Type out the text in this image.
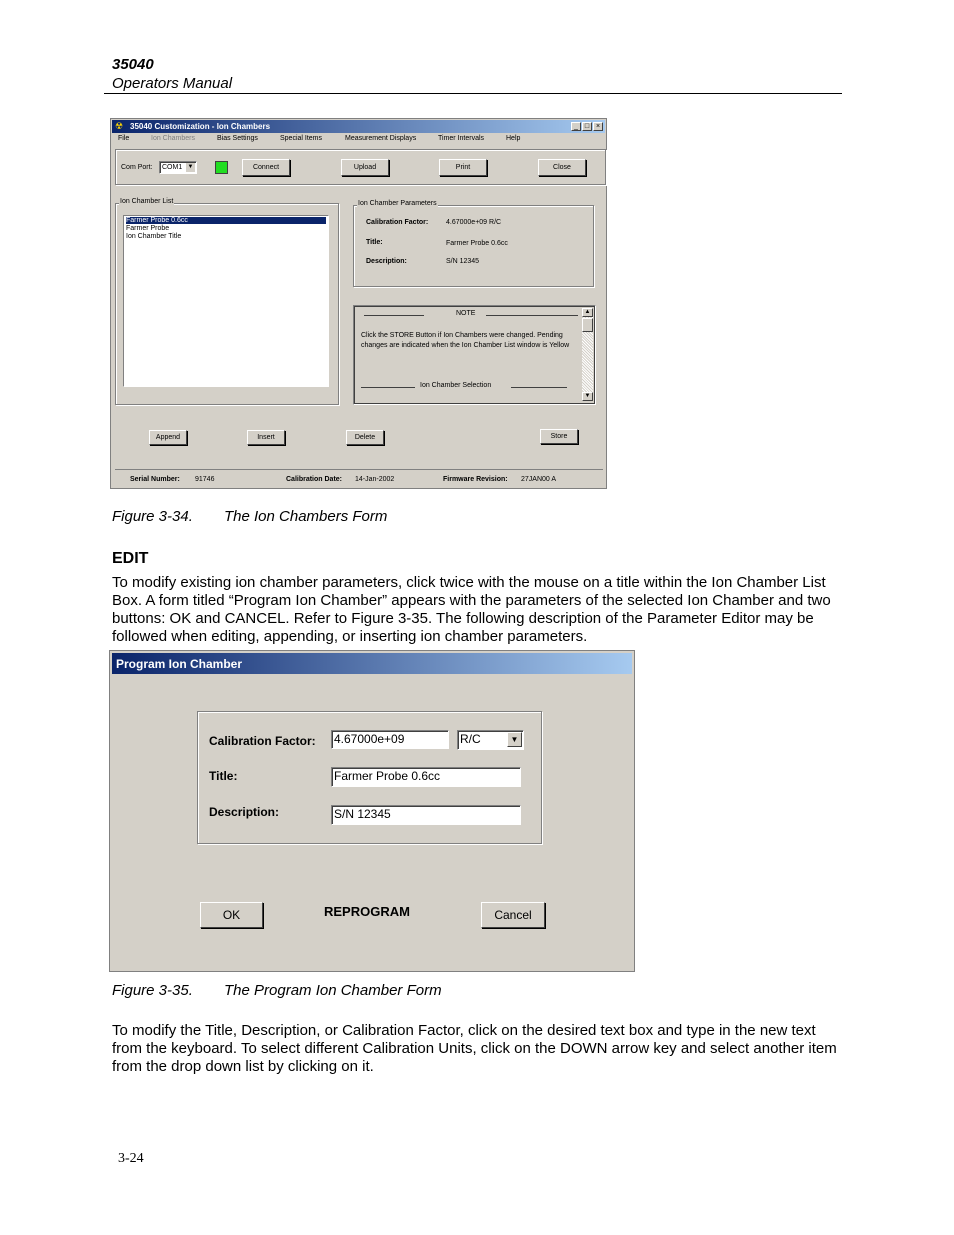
35040
Operators Manual
☢ 35040 Customization - Ion Chambers	_ □ ×
File	Ion Chambers	Bias Settings	Special Items	Measurement Displays	Timer Intervals	Help
Com Port:	COM1 ▼	Connect	Upload	Print	Close
Ion Chamber List
Farmer Probe 0.6cc
Farmer Probe
Ion Chamber Title
Ion Chamber Parameters
Calibration Factor:	4.67000e+09 R/C
Title:	Farmer Probe 0.6cc
Description:	S/N 12345
NOTE
Click the STORE Button if Ion Chambers were changed. Pending changes are indicated when the Ion Chamber List window is Yellow
Ion Chamber Selection
▲
▼
Append	Insert	Delete	Store
Serial Number: 91746	Calibration Date: 14-Jan-2002	Firmware Revision: 27JAN00 A
Figure 3-34. The Ion Chambers Form
EDIT
To modify existing ion chamber parameters, click twice with the mouse on a title within the Ion Chamber List Box. A form titled “Program Ion Chamber” appears with the parameters of the selected Ion Chamber and two buttons: OK and CANCEL. Refer to Figure 3-35. The following description of the Parameter Editor may be followed when editing, appending, or inserting ion chamber parameters.
Program Ion Chamber
Calibration Factor: 4.67000e+09	R/C	▼
Title:	Farmer Probe 0.6cc
Description:	S/N 12345
OK	REPROGRAM	Cancel
Figure 3-35. The Program Ion Chamber Form
To modify the Title, Description, or Calibration Factor, click on the desired text box and type in the new text from the keyboard. To select different Calibration Units, click on the DOWN arrow key and select another item from the drop down list by clicking on it.
3-24
